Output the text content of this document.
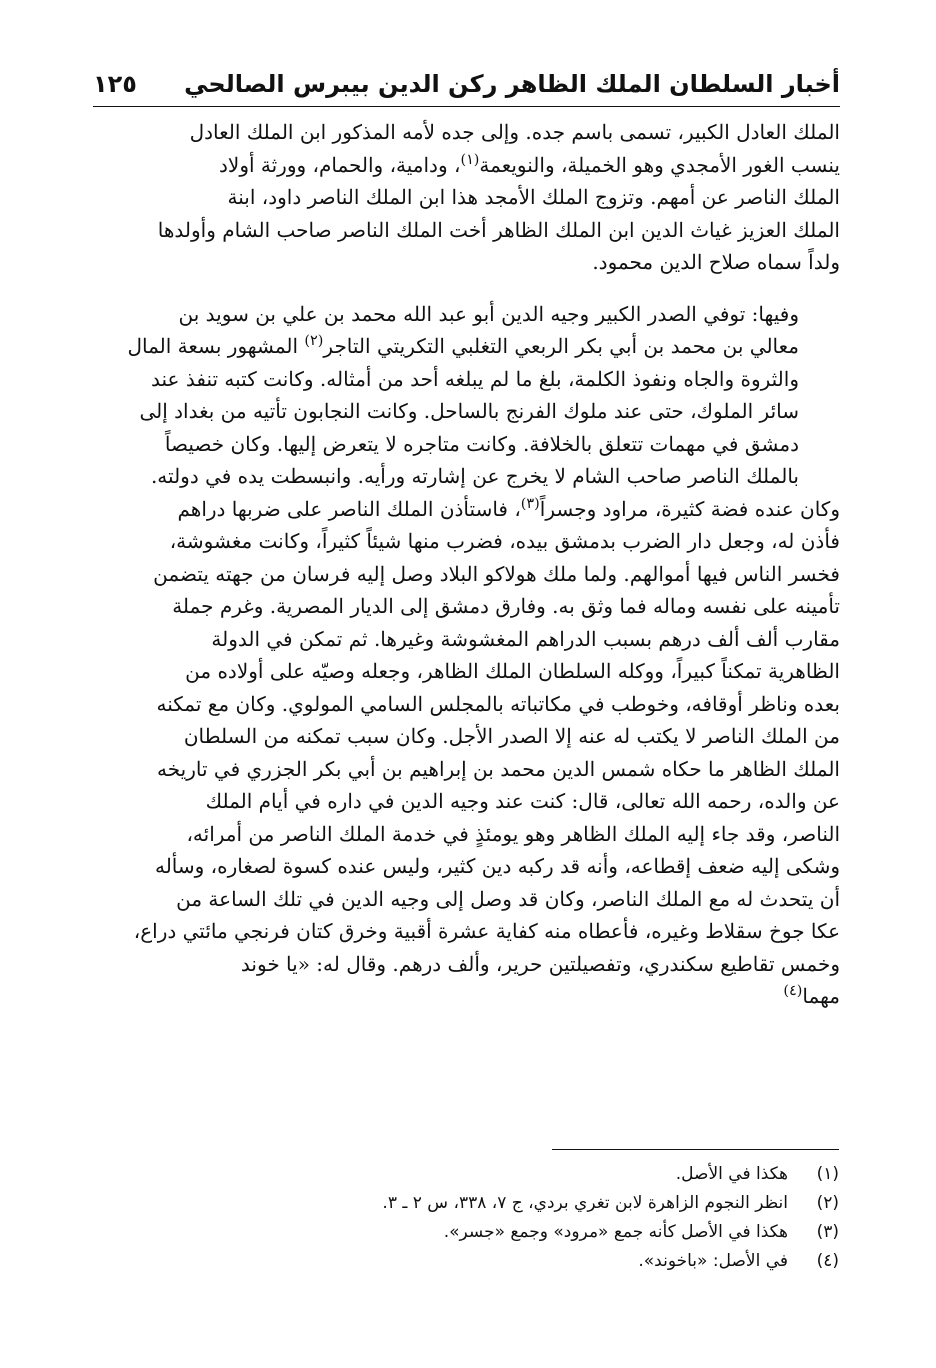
أخبار السلطان الملك الظاهر ركن الدين بيبرس الصالحي
١٢٥
الملك العادل الكبير، تسمى باسم جده. وإلى جده لأمه المذكور ابن الملك العادل
ينسب الغور الأمجدي وهو الخميلة، والنويعمة$^{(١)}$، ودامية، والحمام، وورثة أولاد
الملك الناصر عن أمهم. وتزوج الملك الأمجد هذا ابن الملك الناصر داود، ابنة
الملك العزيز غياث الدين ابن الملك الظاهر أخت الملك الناصر صاحب الشام وأولدها
ولداً سماه صلاح الدين محمود.
وفيها: توفي الصدر الكبير وجيه الدين أبو عبد الله محمد بن علي بن سويد بن
معالي بن محمد بن أبي بكر الربعي التغلبي التكريتي التاجر$^{(٢)}$ المشهور بسعة المال
والثروة والجاه ونفوذ الكلمة، بلغ ما لم يبلغه أحد من أمثاله. وكانت كتبه تنفذ عند
سائر الملوك، حتى عند ملوك الفرنج بالساحل. وكانت النجابون تأتيه من بغداد إلى
دمشق في مهمات تتعلق بالخلافة. وكانت متاجره لا يتعرض إليها. وكان خصيصاً
بالملك الناصر صاحب الشام لا يخرج عن إشارته ورأيه. وانبسطت يده في دولته.
وكان عنده فضة كثيرة، مراود وجسراً$^{(٣)}$، فاستأذن الملك الناصر على ضربها دراهم
فأذن له، وجعل دار الضرب بدمشق بيده، فضرب منها شيئاً كثيراً، وكانت مغشوشة،
فخسر الناس فيها أموالهم. ولما ملك هولاكو البلاد وصل إليه فرسان من جهته يتضمن
تأمينه على نفسه وماله فما وثق به. وفارق دمشق إلى الديار المصرية. وغرم جملة
مقارب ألف ألف درهم بسبب الدراهم المغشوشة وغيرها. ثم تمكن في الدولة
الظاهرية تمكناً كبيراً، ووكله السلطان الملك الظاهر، وجعله وصيّه على أولاده من
بعده وناظر أوقافه، وخوطب في مكاتباته بالمجلس السامي المولوي. وكان مع تمكنه
من الملك الناصر لا يكتب له عنه إلا الصدر الأجل. وكان سبب تمكنه من السلطان
الملك الظاهر ما حكاه شمس الدين محمد بن إبراهيم بن أبي بكر الجزري في تاريخه
عن والده، رحمه الله تعالى، قال: كنت عند وجيه الدين في داره في أيام الملك
الناصر، وقد جاء إليه الملك الظاهر وهو يومئذٍ في خدمة الملك الناصر من أمرائه،
وشكى إليه ضعف إقطاعه، وأنه قد ركبه دين كثير، وليس عنده كسوة لصغاره، وسأله
أن يتحدث له مع الملك الناصر، وكان قد وصل إلى وجيه الدين في تلك الساعة من
عكا جوخ سقلاط وغيره، فأعطاه منه كفاية عشرة أقبية وخرق كتان فرنجي مائتي دراع،
وخمس تقاطيع سكندري، وتفصيلتين حرير، وألف درهم. وقال له: «يا خوند
مهما$^{(٤)}$
(١)
هكذا في الأصل.
(٢)
انظر النجوم الزاهرة لابن تغري بردي، ج ٧، ٣٣٨، س ٢ ـ ٣.
(٣)
هكذا في الأصل كأنه جمع «مرود» وجمع «جسر».
(٤)
في الأصل: «باخوند».
